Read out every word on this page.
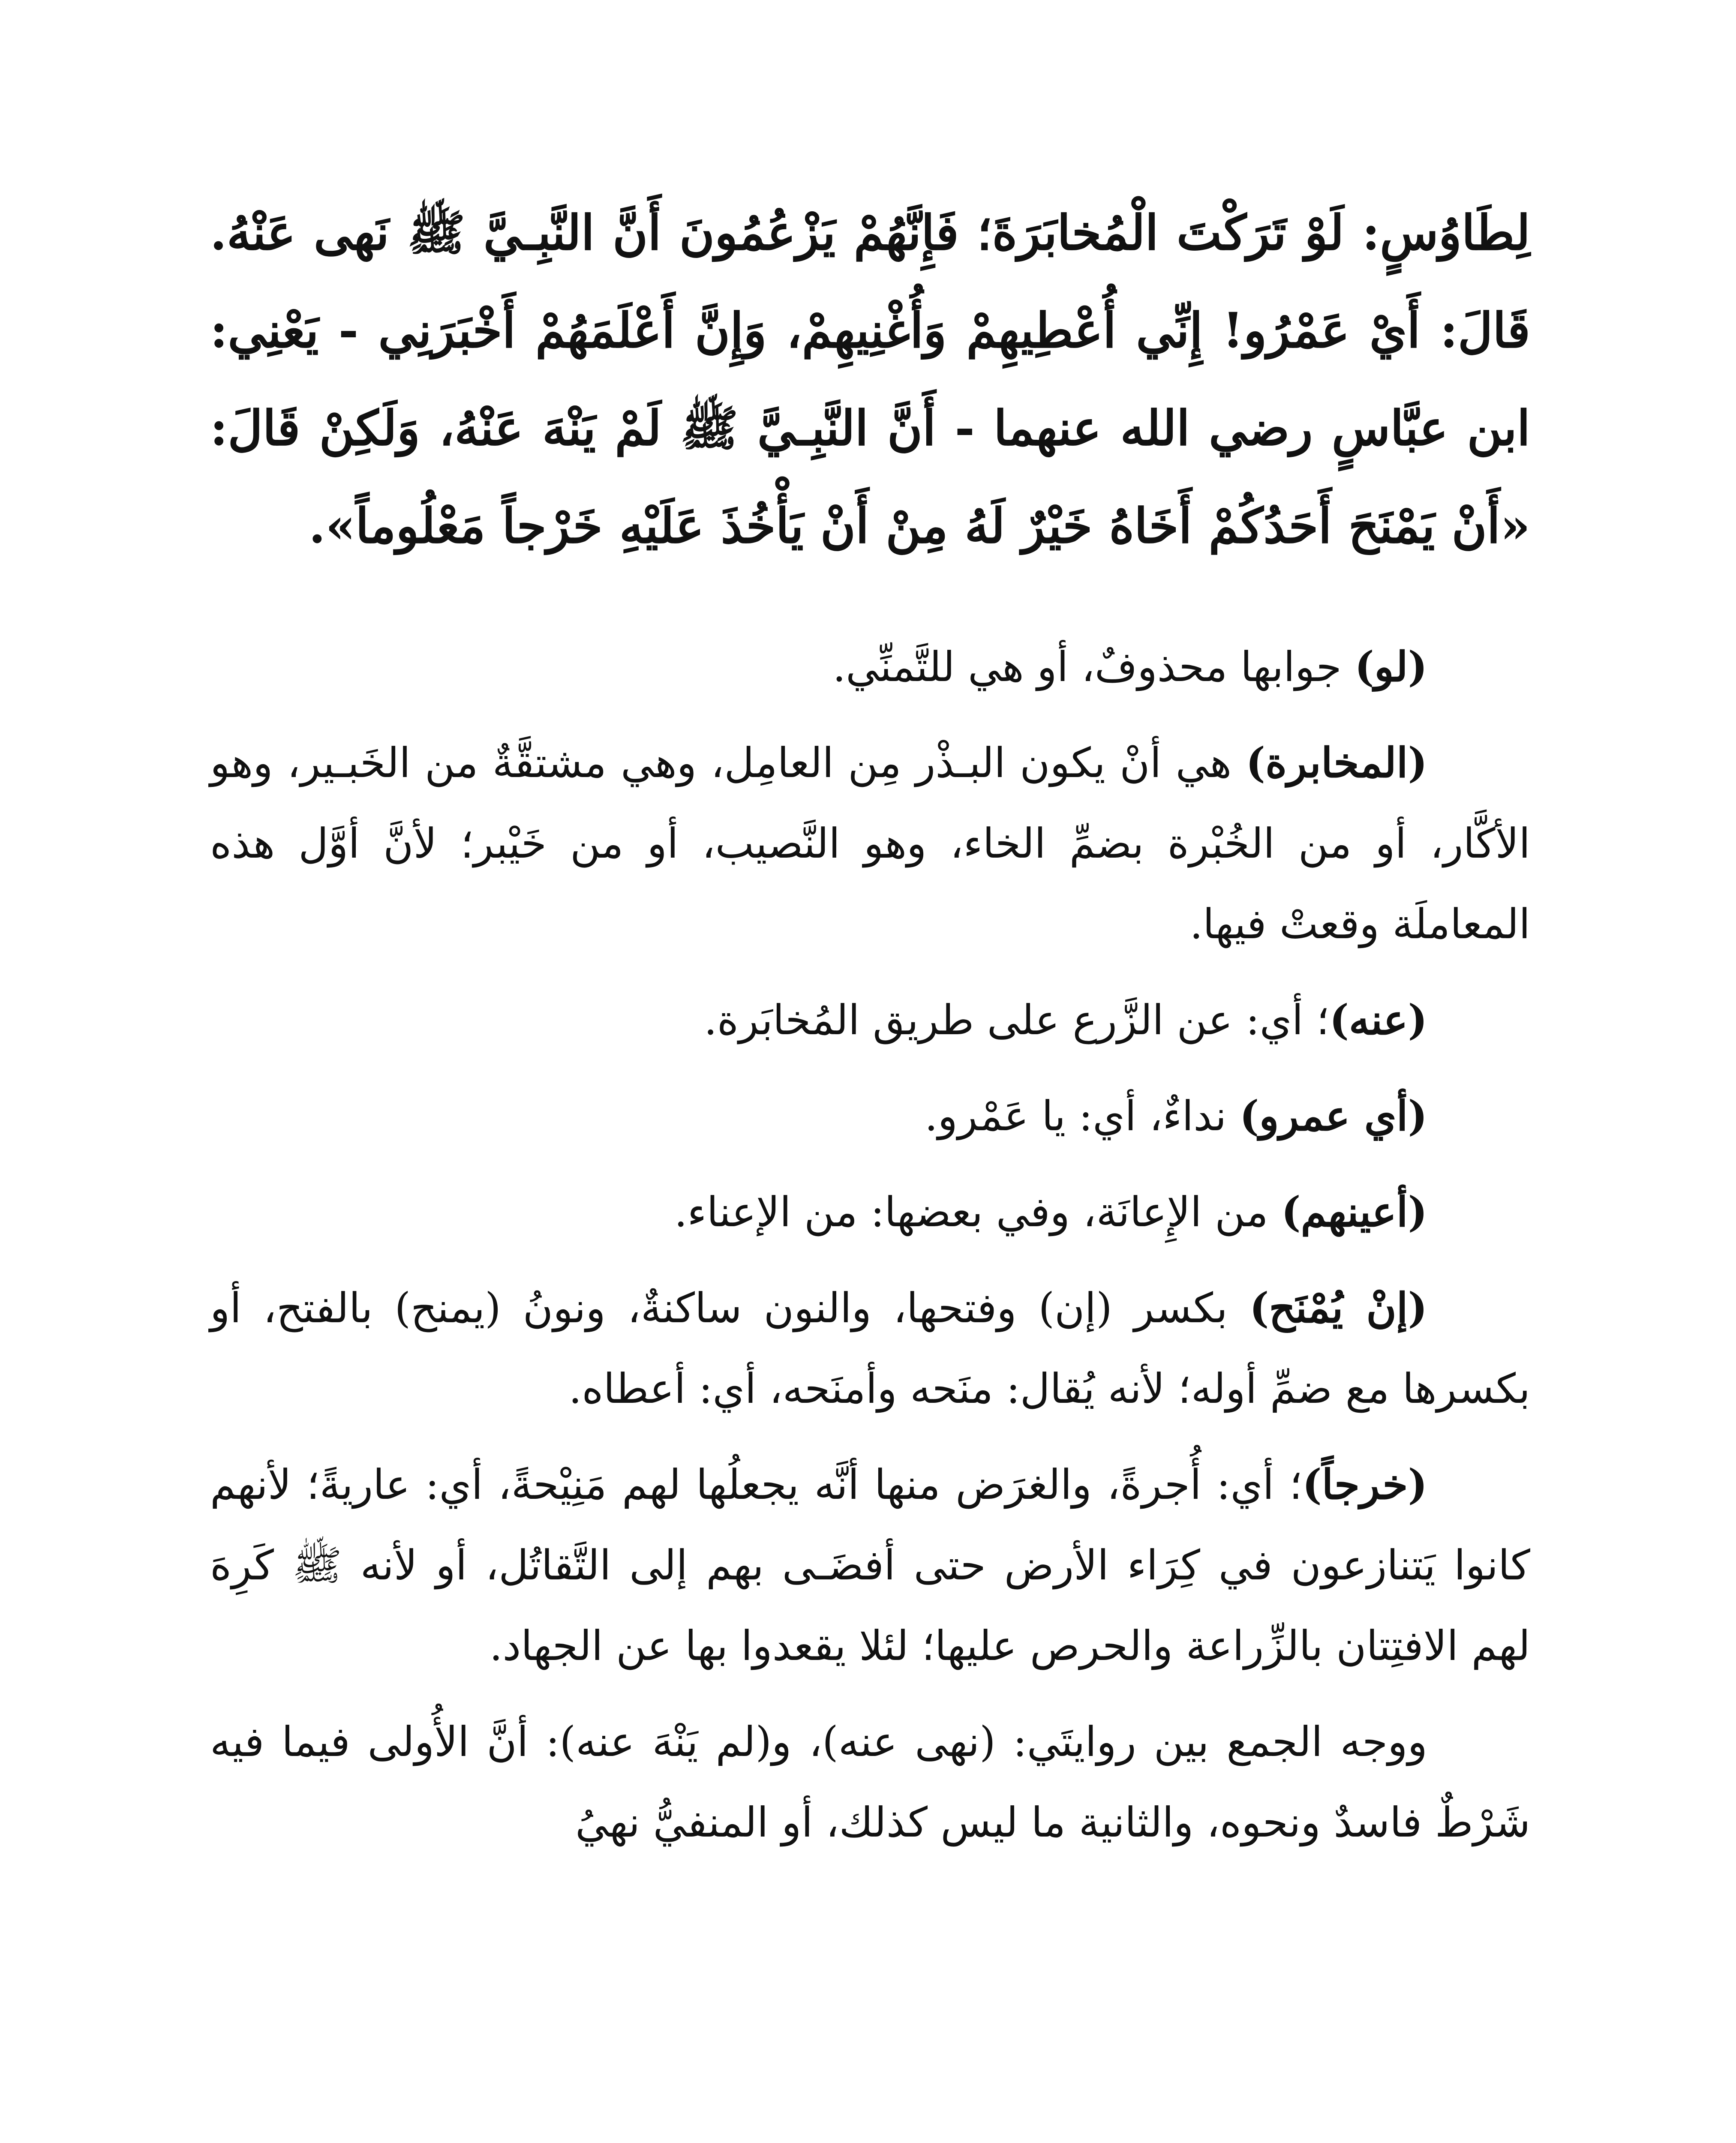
لِطَاوُسٍ: لَوْ تَرَكْتَ الْمُخابَرَةَ؛ فَإِنَّهُمْ يَزْعُمُونَ أَنَّ النَّبِـيَّ ﷺ نَهى عَنْهُ. قَالَ: أَيْ عَمْرُو! إِنِّي أُعْطِيهِمْ وَأُغْنِيهِمْ، وَإِنَّ أَعْلَمَهُمْ أَخْبَرَنِي - يَعْنِي: ابن عبَّاسٍ رضي الله عنهما - أَنَّ النَّبِـيَّ ﷺ لَمْ يَنْهَ عَنْهُ، وَلَكِنْ قَالَ: «أَنْ يَمْنَحَ أَحَدُكُمْ أَخَاهُ خَيْرٌ لَهُ مِنْ أَنْ يَأْخُذَ عَلَيْهِ خَرْجاً مَعْلُوماً».

(لو) جوابها محذوفٌ، أو هي للتَّمنِّي.

(المخابرة) هي أنْ يكون البـذْر مِن العامِل، وهي مشتقَّةٌ من الخَبـير، وهو الأكَّار، أو من الخُبْرة بضمِّ الخاء، وهو النَّصيب، أو من خَيْبر؛ لأنَّ أوَّل هذه المعاملَة وقعتْ فيها.

(عنه)؛ أي: عن الزَّرع على طريق المُخابَرة.

(أي عمرو) نداءٌ، أي: يا عَمْرو.

(أعينهم) من الإِعانَة، وفي بعضها: من الإعناء.

(إنْ يُمْنَح) بكسر (إن) وفتحها، والنون ساكنةٌ، ونونُ (يمنح) بالفتح، أو بكسرها مع ضمِّ أوله؛ لأنه يُقال: منَحه وأمنَحه، أي: أعطاه.

(خرجاً)؛ أي: أُجرةً، والغرَض منها أنَّه يجعلُها لهم مَنِيْحةً، أي: عاريةً؛ لأنهم كانوا يَتنازعون في كِرَاء الأرض حتى أفضَـى بهم إلى التَّقاتُل، أو لأنه ﷺ كَرِهَ لهم الافتِتان بالزِّراعة والحرص عليها؛ لئلا يقعدوا بها عن الجهاد.

ووجه الجمع بين روايتَي: (نهى عنه)، و(لم يَنْهَ عنه): أنَّ الأُولى فيما فيه شَرْطٌ فاسدٌ ونحوه، والثانية ما ليس كذلك، أو المنفيُّ نهيُ
